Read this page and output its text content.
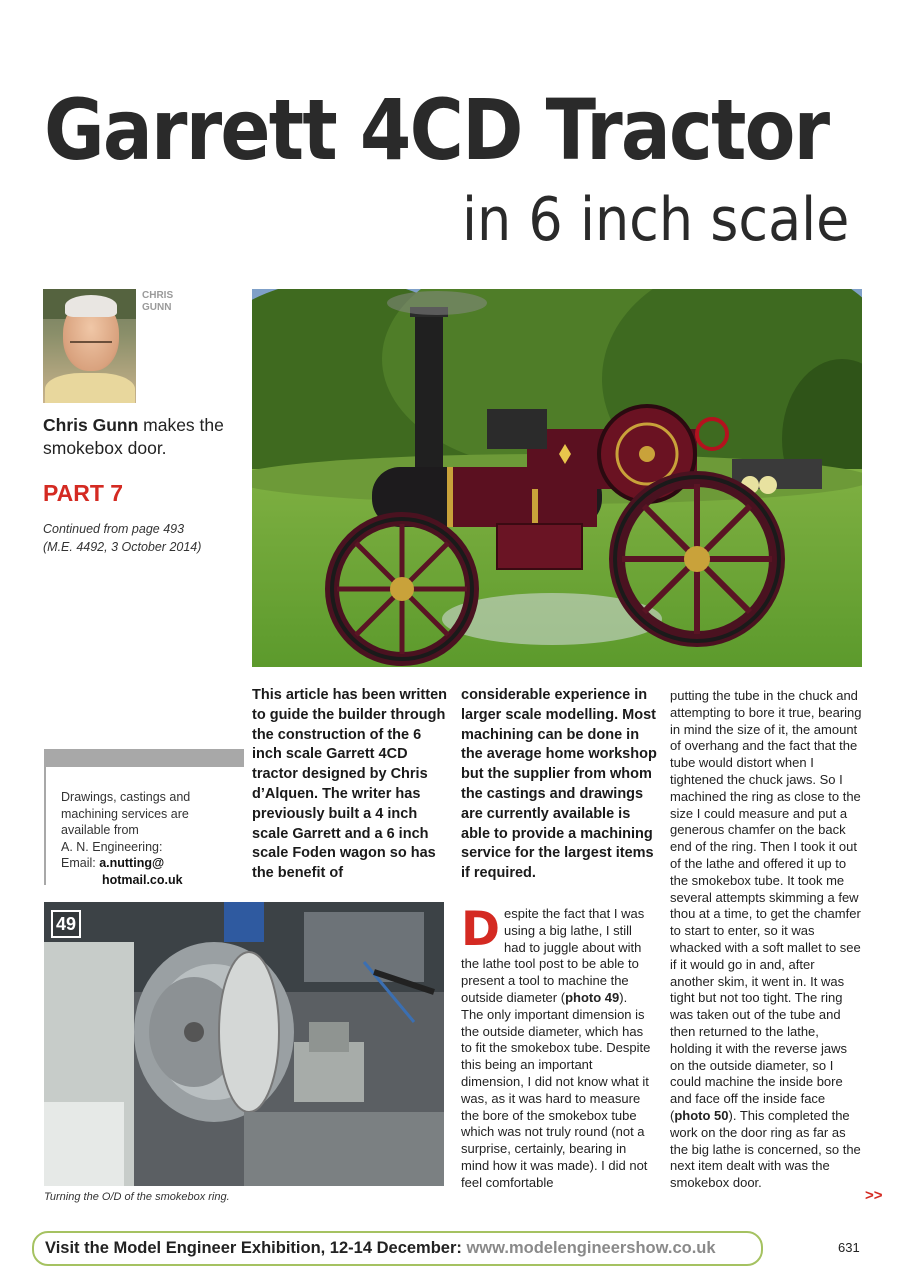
Garrett 4CD Tractor
in 6 inch scale
CHRIS
GUNN
Chris Gunn makes the smokebox door.
PART 7
Continued from page 493
(M.E. 4492, 3 October 2014)
Drawings, castings and
machining services are
available from
A. N. Engineering:
Email: a.nutting@
hotmail.co.uk
This article has been written to guide the builder through the construction of the 6 inch scale Garrett 4CD tractor designed by Chris d’Alquen. The writer has previously built a 4 inch scale Garrett and a 6 inch scale Foden wagon so has the benefit of
considerable experience in larger scale modelling. Most machining can be done in the average home workshop but the supplier from whom the castings and drawings are currently available is able to provide a machining service for the largest items if required.
Despite the fact that I was using a big lathe, I still had to juggle about with the lathe tool post to be able to present a tool to machine the outside diameter (photo 49). The only important dimension is the outside diameter, which has to fit the smokebox tube. Despite this being an important dimension, I did not know what it was, as it was hard to measure the bore of the smokebox tube which was not truly round (not a surprise, certainly, bearing in mind how it was made). I did not feel comfortable
putting the tube in the chuck and attempting to bore it true, bearing in mind the size of it, the amount of overhang and the fact that the tube would distort when I tightened the chuck jaws. So I machined the ring as close to the size I could measure and put a generous chamfer on the back end of the ring. Then I took it out of the lathe and offered it up to the smokebox tube. It took me several attempts skimming a few thou at a time, to get the chamfer to start to enter, so it was whacked with a soft mallet to see if it would go in and, after another skim, it went in. It was tight but not too tight. The ring was taken out of the tube and then returned to the lathe, holding it with the reverse jaws on the outside diameter, so I could machine the inside bore and face off the inside face (photo 50). This completed the work on the door ring as far as the big lathe is concerned, so the next item dealt with was the smokebox door.
49
Turning the O/D of the smokebox ring.	>>
Visit the Model Engineer Exhibition, 12-14 December: www.modelengineershow.co.uk	631
